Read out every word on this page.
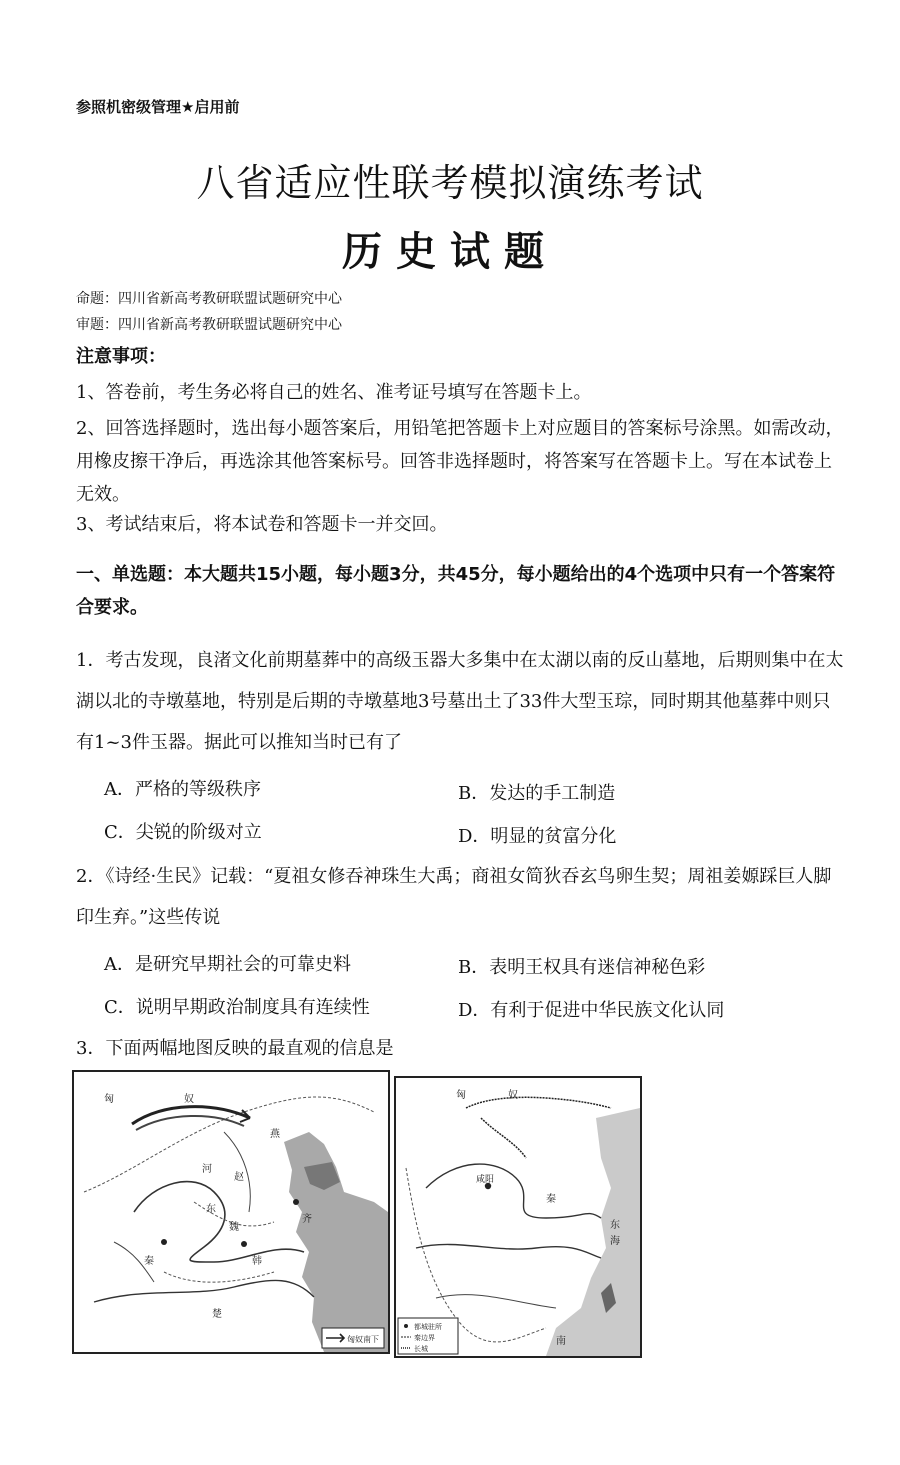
参照机密级管理★启用前
八省适应性联考模拟演练考试
历史试题
命题：四川省新高考教研联盟试题研究中心
审题：四川省新高考教研联盟试题研究中心
注意事项：
1、答卷前，考生务必将自己的姓名、准考证号填写在答题卡上。
2、回答选择题时，选出每小题答案后，用铅笔把答题卡上对应题目的答案标号涂黑。如需改动，用橡皮擦干净后，再选涂其他答案标号。回答非选择题时，将答案写在答题卡上。写在本试卷上无效。
3、考试结束后，将本试卷和答题卡一并交回。
一、单选题：本大题共15小题，每小题3分，共45分，每小题给出的4个选项中只有一个答案符合要求。
1．考古发现，良渚文化前期墓葬中的高级玉器大多集中在太湖以南的反山墓地，后期则集中在太湖以北的寺墩墓地，特别是后期的寺墩墓地3号墓出土了33件大型玉琮，同时期其他墓葬中则只有1~3件玉器。据此可以推知当时已有了
A．严格的等级秩序	B．发达的手工制造
C．尖锐的阶级对立	D．明显的贫富分化
2．《诗经·生民》记载：“夏祖女修吞神珠生大禹；商祖女简狄吞玄鸟卵生契；周祖姜嫄踩巨人脚印生弃。”这些传说
A．是研究早期社会的可靠史料	B．表明王权具有迷信神秘色彩
C．说明早期政治制度具有连续性	D．有利于促进中华民族文化认同
3．下面两幅地图反映的最直观的信息是
匈	奴
燕
赵
齐
魏
韩
楚
秦
河
东
匈奴南下
匈	奴
咸阳
秦
东
海
南
都城驻所
秦边界
长城
